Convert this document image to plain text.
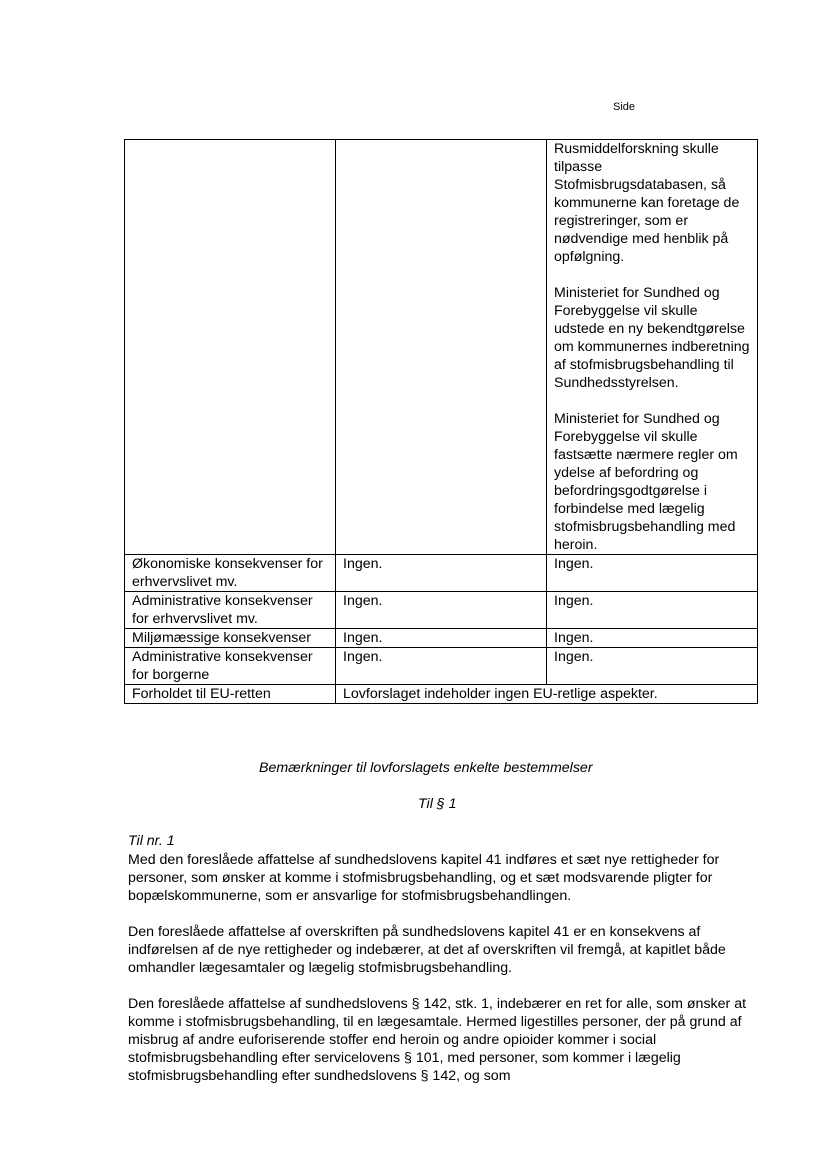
Side

		Rusmiddelforskning skulle tilpasse Stofmisbrugsdatabasen, så kommunerne kan foretage de registreringer, som er nødvendige med henblik på opfølgning.

Ministeriet for Sundhed og Forebyggelse vil skulle udstede en ny bekendtgørelse om kommunernes indberetning af stofmisbrugsbehandling til Sundhedsstyrelsen.

Ministeriet for Sundhed og Forebyggelse vil skulle fastsætte nærmere regler om ydelse af befordring og befordringsgodtgørelse i forbindelse med lægelig stofmisbrugsbehandling med heroin.

Økonomiske konsekvenser for erhvervslivet mv.	Ingen.	Ingen.
Administrative konsekvenser for erhvervslivet mv.	Ingen.	Ingen.
Miljømæssige konsekvenser	Ingen.	Ingen.
Administrative konsekvenser for borgerne	Ingen.	Ingen.
Forholdet til EU-retten	Lovforslaget indeholder ingen EU-retlige aspekter.	
Bemærkninger til lovforslagets enkelte bestemmelser
Til § 1
Til nr. 1

Med den foreslåede affattelse af sundhedslovens kapitel 41 indføres et sæt nye rettigheder for personer, som ønsker at komme i stofmisbrugsbehandling, og et sæt modsvarende pligter for bopælskommunerne, som er ansvarlige for stofmisbrugsbehandlingen.

Den foreslåede affattelse af overskriften på sundhedslovens kapitel 41 er en konsekvens af indførelsen af de nye rettigheder og indebærer, at det af overskriften vil fremgå, at kapitlet både omhandler lægesamtaler og lægelig stofmisbrugsbehandling.

Den foreslåede affattelse af sundhedslovens § 142, stk. 1, indebærer en ret for alle, som ønsker at komme i stofmisbrugsbehandling, til en lægesamtale. Hermed ligestilles personer, der på grund af misbrug af andre euforiserende stoffer end heroin og andre opioider kommer i social stofmisbrugsbehandling efter servicelovens § 101, med personer, som kommer i lægelig stofmisbrugsbehandling efter sundhedslovens § 142, og som
